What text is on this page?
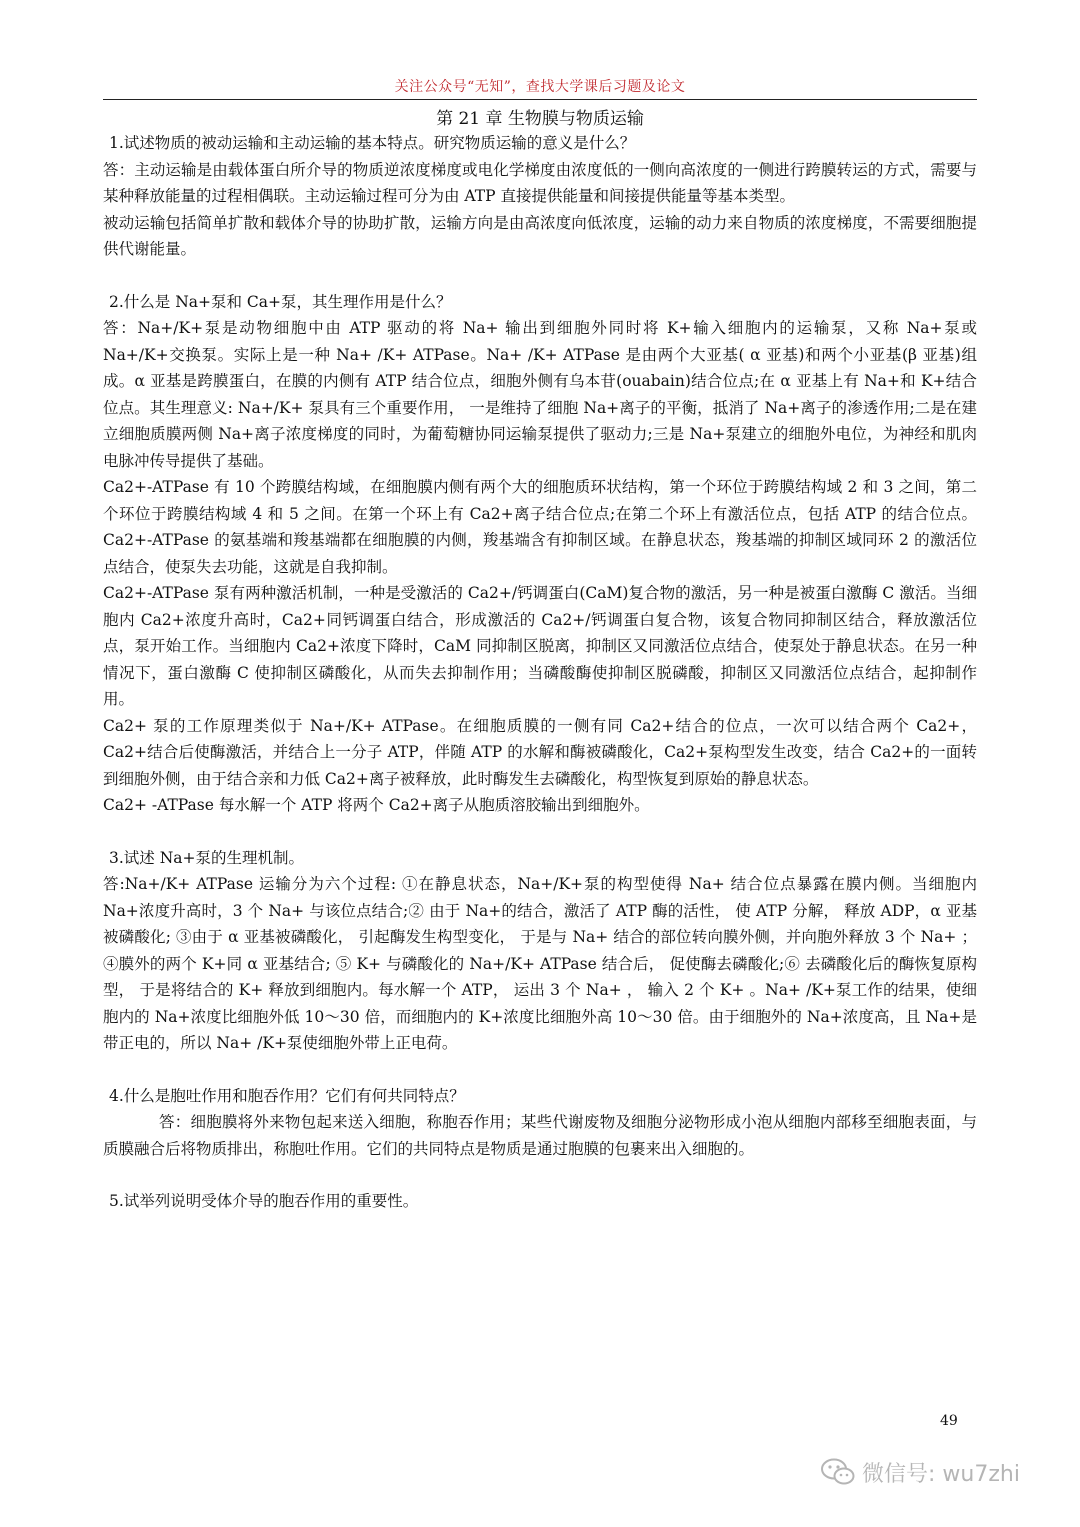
关注公众号“无知”，查找大学课后习题及论文
第 21 章 生物膜与物质运输

1.试述物质的被动运输和主动运输的基本特点。研究物质运输的意义是什么？

答：主动运输是由载体蛋白所介导的物质逆浓度梯度或电化学梯度由浓度低的一侧向高浓度的一侧进行跨膜转运的方式，需要与某种释放能量的过程相偶联。主动运输过程可分为由 ATP 直接提供能量和间接提供能量等基本类型。

被动运输包括简单扩散和载体介导的协助扩散，运输方向是由高浓度向低浓度，运输的动力来自物质的浓度梯度，不需要细胞提供代谢能量。

2.什么是 Na+泵和 Ca+泵，其生理作用是什么？

答：Na+/K+泵是动物细胞中由 ATP 驱动的将 Na+ 输出到细胞外同时将 K+输入细胞内的运输泵，又称 Na+泵或 Na+/K+交换泵。实际上是一种 Na+ /K+ ATPase。Na+ /K+ ATPase 是由两个大亚基( α 亚基)和两个小亚基(β 亚基)组成。α 亚基是跨膜蛋白，在膜的内侧有 ATP 结合位点，细胞外侧有乌本苷(ouabain)结合位点;在 α 亚基上有 Na+和 K+结合位点。其生理意义: Na+/K+ 泵具有三个重要作用， 一是维持了细胞 Na+离子的平衡，抵消了 Na+离子的渗透作用;二是在建立细胞质膜两侧 Na+离子浓度梯度的同时，为葡萄糖协同运输泵提供了驱动力;三是 Na+泵建立的细胞外电位，为神经和肌肉电脉冲传导提供了基础。

Ca2+-ATPase 有 10 个跨膜结构域，在细胞膜内侧有两个大的细胞质环状结构，第一个环位于跨膜结构域 2 和 3 之间，第二个环位于跨膜结构域 4 和 5 之间。在第一个环上有 Ca2+离子结合位点;在第二个环上有激活位点，包括 ATP 的结合位点。Ca2+-ATPase 的氨基端和羧基端都在细胞膜的内侧，羧基端含有抑制区域。在静息状态，羧基端的抑制区域同环 2 的激活位点结合，使泵失去功能，这就是自我抑制。

Ca2+-ATPase 泵有两种激活机制，一种是受激活的 Ca2+/钙调蛋白(CaM)复合物的激活，另一种是被蛋白激酶 C 激活。当细胞内 Ca2+浓度升高时，Ca2+同钙调蛋白结合，形成激活的 Ca2+/钙调蛋白复合物，该复合物同抑制区结合，释放激活位点，泵开始工作。当细胞内 Ca2+浓度下降时，CaM 同抑制区脱离，抑制区又同激活位点结合，使泵处于静息状态。在另一种情况下，蛋白激酶 C 使抑制区磷酸化，从而失去抑制作用；当磷酸酶使抑制区脱磷酸，抑制区又同激活位点结合，起抑制作用。

Ca2+ 泵的工作原理类似于 Na+/K+ ATPase。在细胞质膜的一侧有同 Ca2+结合的位点，一次可以结合两个 Ca2+， Ca2+结合后使酶激活，并结合上一分子 ATP，伴随 ATP 的水解和酶被磷酸化，Ca2+泵构型发生改变，结合 Ca2+的一面转到细胞外侧，由于结合亲和力低 Ca2+离子被释放，此时酶发生去磷酸化，构型恢复到原始的静息状态。

Ca2+ -ATPase 每水解一个 ATP 将两个 Ca2+离子从胞质溶胶输出到细胞外。

3.试述 Na+泵的生理机制。

答:Na+/K+ ATPase 运输分为六个过程: ①在静息状态，Na+/K+泵的构型使得 Na+ 结合位点暴露在膜内侧。当细胞内 Na+浓度升高时，3 个 Na+ 与该位点结合;② 由于 Na+的结合，激活了 ATP 酶的活性， 使 ATP 分解， 释放 ADP，α 亚基被磷酸化; ③由于 α 亚基被磷酸化， 引起酶发生构型变化， 于是与 Na+ 结合的部位转向膜外侧，并向胞外释放 3 个 Na+ ；④膜外的两个 K+同 α 亚基结合; ⑤ K+ 与磷酸化的 Na+/K+ ATPase 结合后， 促使酶去磷酸化;⑥ 去磷酸化后的酶恢复原构型， 于是将结合的 K+ 释放到细胞内。每水解一个 ATP， 运出 3 个 Na+ ， 输入 2 个 K+ 。Na+ /K+泵工作的结果，使细胞内的 Na+浓度比细胞外低 10～30 倍，而细胞内的 K+浓度比细胞外高 10～30 倍。由于细胞外的 Na+浓度高，且 Na+是带正电的，所以 Na+ /K+泵使细胞外带上正电荷。

4.什么是胞吐作用和胞吞作用？它们有何共同特点？

答：细胞膜将外来物包起来送入细胞，称胞吞作用；某些代谢废物及细胞分泌物形成小泡从细胞内部移至细胞表面，与质膜融合后将物质排出，称胞吐作用。它们的共同特点是物质是通过胞膜的包裹来出入细胞的。

5.试举列说明受体介导的胞吞作用的重要性。

49
微信号: wu7zhi
